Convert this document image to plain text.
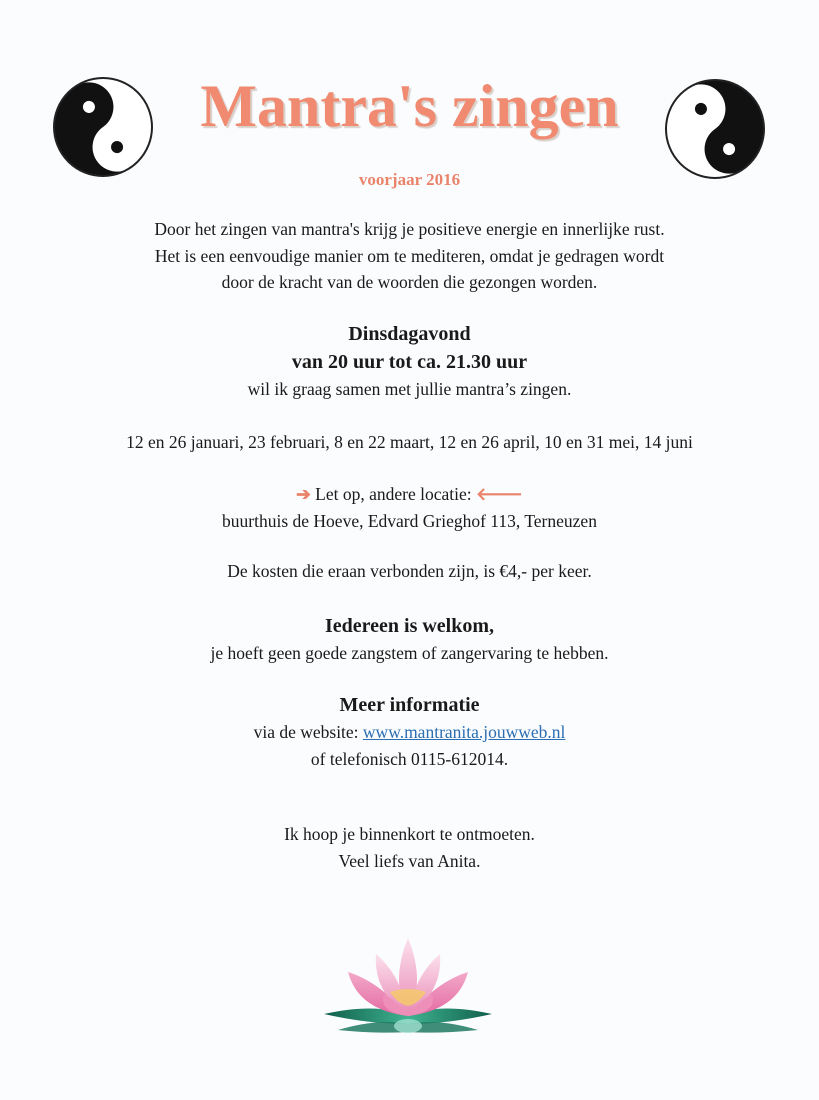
Mantra's zingen
voorjaar 2016
Door het zingen van mantra's krijg je positieve energie en innerlijke rust.
Het is een eenvoudige manier om te mediteren, omdat je gedragen wordt
door de kracht van de woorden die gezongen worden.
Dinsdagavond
van 20 uur tot ca. 21.30 uur
wil ik graag samen met jullie mantra’s zingen.
12 en 26 januari, 23 februari, 8 en 22 maart, 12 en 26 april, 10 en 31 mei, 14 juni
➔ Let op, andere locatie: 🡐
buurthuis de Hoeve, Edvard Grieghof 113, Terneuzen
De kosten die eraan verbonden zijn, is €4,- per keer.
Iedereen is welkom,
je hoeft geen goede zangstem of zangervaring te hebben.
Meer informatie
via de website: www.mantranita.jouwweb.nl
of telefonisch 0115-612014.
Ik hoop je binnenkort te ontmoeten.
Veel liefs van Anita.
